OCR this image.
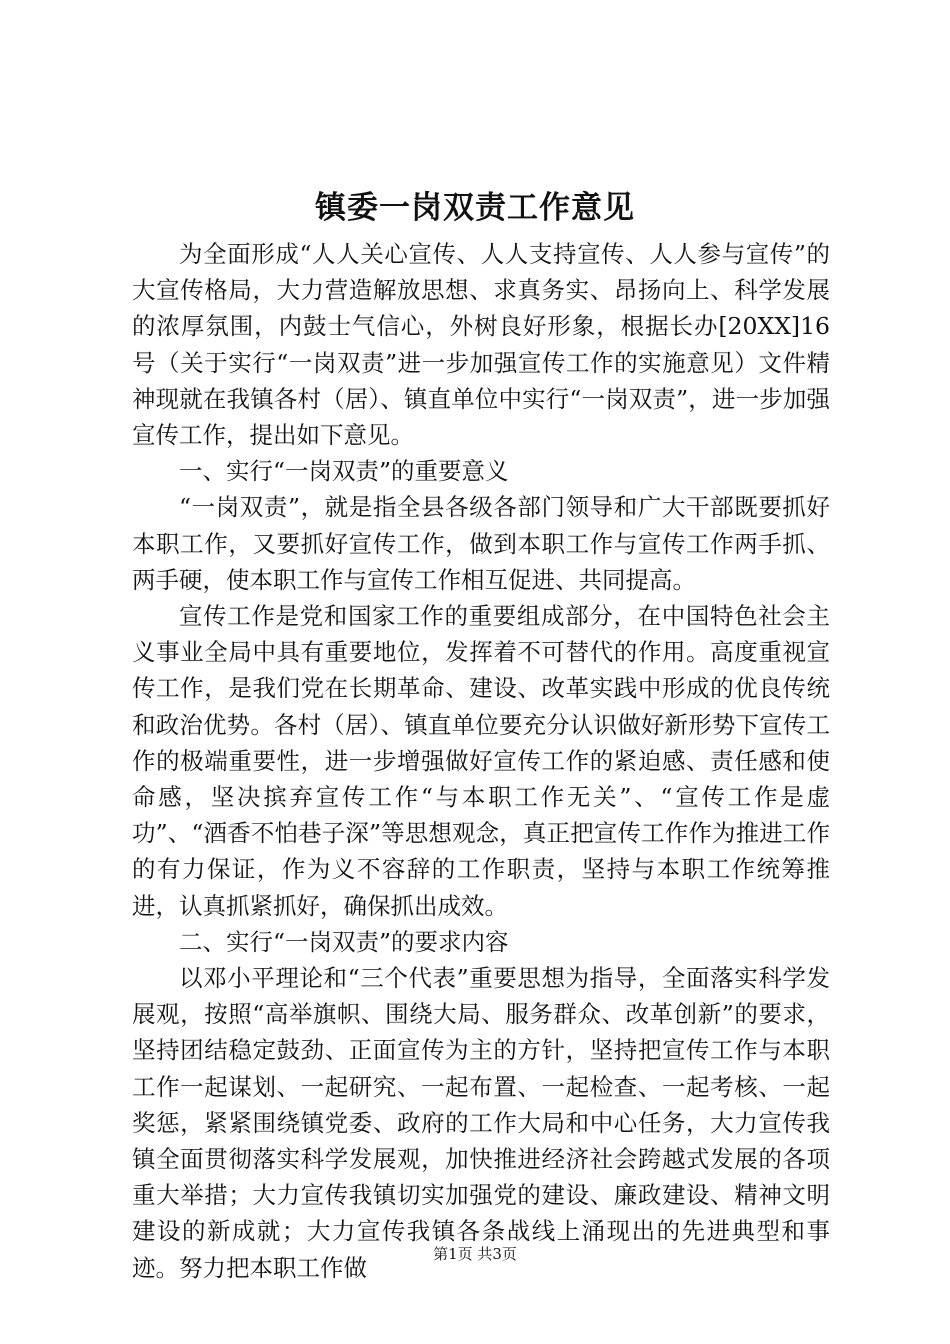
镇委一岗双责工作意见

为全面形成“人人关心宣传、人人支持宣传、人人参与宣传”的大宣传格局，大力营造解放思想、求真务实、昂扬向上、科学发展的浓厚氛围，内鼓士气信心，外树良好形象，根据长办[20XX]16号（关于实行“一岗双责”进一步加强宣传工作的实施意见）文件精神现就在我镇各村（居）、镇直单位中实行“一岗双责”，进一步加强宣传工作，提出如下意见。

一、实行“一岗双责”的重要意义

“一岗双责”，就是指全县各级各部门领导和广大干部既要抓好本职工作，又要抓好宣传工作，做到本职工作与宣传工作两手抓、两手硬，使本职工作与宣传工作相互促进、共同提高。

宣传工作是党和国家工作的重要组成部分，在中国特色社会主义事业全局中具有重要地位，发挥着不可替代的作用。高度重视宣传工作，是我们党在长期革命、建设、改革实践中形成的优良传统和政治优势。各村（居）、镇直单位要充分认识做好新形势下宣传工作的极端重要性，进一步增强做好宣传工作的紧迫感、责任感和使命感，坚决摈弃宣传工作“与本职工作无关”、“宣传工作是虚功”、“酒香不怕巷子深”等思想观念，真正把宣传工作作为推进工作的有力保证，作为义不容辞的工作职责，坚持与本职工作统筹推进，认真抓紧抓好，确保抓出成效。

二、实行“一岗双责”的要求内容

以邓小平理论和“三个代表”重要思想为指导，全面落实科学发展观，按照“高举旗帜、围绕大局、服务群众、改革创新”的要求，坚持团结稳定鼓劲、正面宣传为主的方针，坚持把宣传工作与本职工作一起谋划、一起研究、一起布置、一起检查、一起考核、一起奖惩，紧紧围绕镇党委、政府的工作大局和中心任务，大力宣传我镇全面贯彻落实科学发展观，加快推进经济社会跨越式发展的各项重大举措；大力宣传我镇切实加强党的建设、廉政建设、精神文明建设的新成就；大力宣传我镇各条战线上涌现出的先进典型和事迹。努力把本职工作做	第1页 共3页
